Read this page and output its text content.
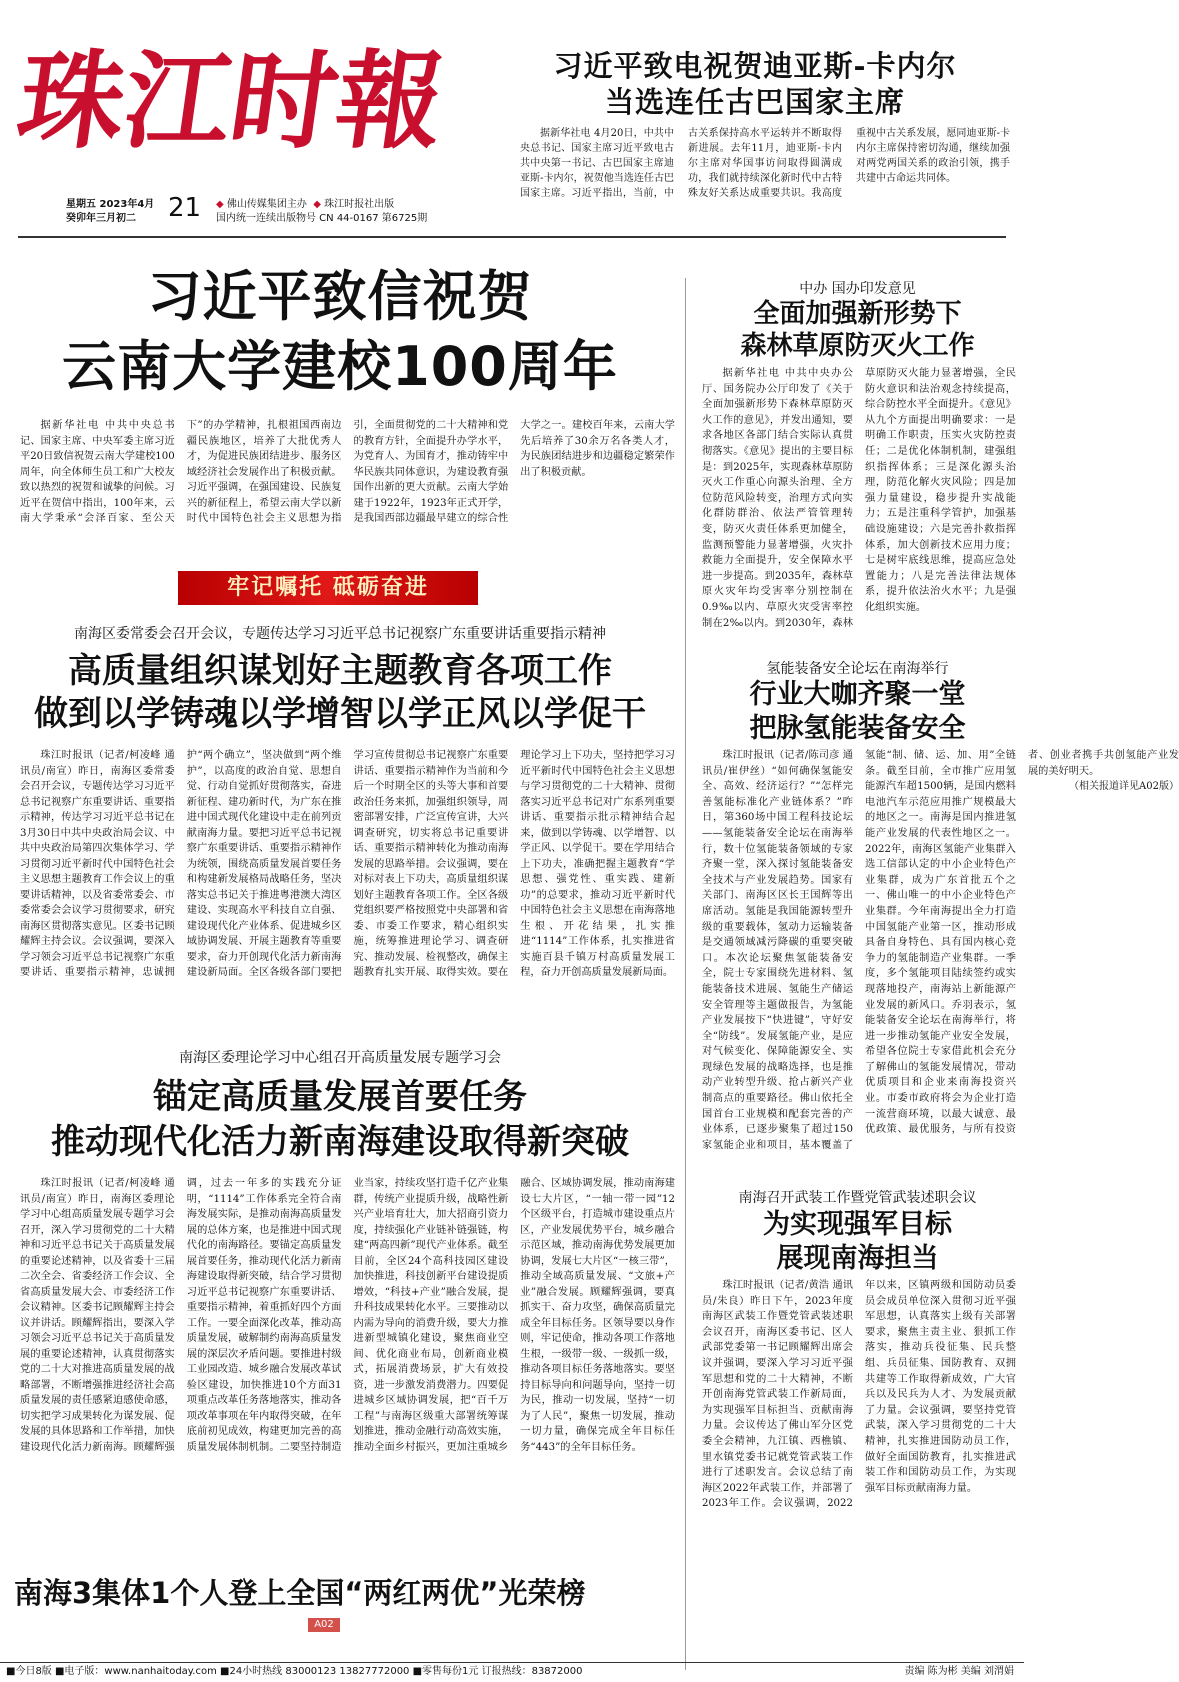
珠江时報	习近平致电祝贺迪亚斯-卡内尔
当选连任古巴国家主席

据新华社电 4月20日，中共中央总书记、国家主席习近平致电古共中央第一书记、古巴国家主席迪亚斯-卡内尔，祝贺他当选连任古巴国家主席。习近平指出，当前，中古关系保持高水平运转并不断取得新进展。去年11月，迪亚斯-卡内尔主席对华国事访问取得圆满成功，我们就持续深化新时代中古特殊友好关系达成重要共识。我高度重视中古关系发展，愿同迪亚斯-卡内尔主席保持密切沟通，继续加强对两党两国关系的政治引领，携手共建中古命运共同体。

星期五 2023年4月
癸卯年三月初二	21 ◆ 佛山传媒集团主办 ◆ 珠江时报社出版
国内统一连续出版物号 CN 44-0167 第6725期
习近平致信祝贺
云南大学建校100周年

据新华社电 中共中央总书记、国家主席、中央军委主席习近平20日致信祝贺云南大学建校100周年，向全体师生员工和广大校友致以热烈的祝贺和诚挚的问候。习近平在贺信中指出，100年来，云南大学秉承“会泽百家、至公天下”的办学精神，扎根祖国西南边疆民族地区，培养了大批优秀人才，为促进民族团结进步、服务区域经济社会发展作出了积极贡献。习近平强调，在强国建设、民族复兴的新征程上，希望云南大学以新时代中国特色社会主义思想为指引，全面贯彻党的二十大精神和党的教育方针，全面提升办学水平，为党育人、为国育才，推动铸牢中华民族共同体意识，为建设教育强国作出新的更大贡献。云南大学始建于1922年，1923年正式开学，是我国西部边疆最早建立的综合性大学之一。建校百年来，云南大学先后培养了30余万名各类人才，为民族团结进步和边疆稳定繁荣作出了积极贡献。

牢记嘱托 砥砺奋进
南海区委常委会召开会议，专题传达学习习近平总书记视察广东重要讲话重要指示精神
高质量组织谋划好主题教育各项工作
做到以学铸魂以学增智以学正风以学促干

珠江时报讯（记者/柯凌峰 通讯员/南宣）昨日，南海区委常委会召开会议，专题传达学习习近平总书记视察广东重要讲话、重要指示精神，传达学习习近平总书记在3月30日中共中央政治局会议、中共中央政治局第四次集体学习、学习贯彻习近平新时代中国特色社会主义思想主题教育工作会议上的重要讲话精神，以及省委常委会、市委常委会会议学习贯彻要求，研究南海区贯彻落实意见。区委书记顾耀辉主持会议。会议强调，要深入学习领会习近平总书记视察广东重要讲话、重要指示精神，忠诚拥护“两个确立”，坚决做到“两个维护”，以高度的政治自觉、思想自觉、行动自觉抓好贯彻落实，奋进新征程、建功新时代，为广东在推进中国式现代化建设中走在前列贡献南海力量。要把习近平总书记视察广东重要讲话、重要指示精神作为统领，围绕高质量发展首要任务和构建新发展格局战略任务，坚决落实总书记关于推进粤港澳大湾区建设、实现高水平科技自立自强、建设现代化产业体系、促进城乡区域协调发展、开展主题教育等重要要求，奋力开创现代化活力新南海建设新局面。全区各级各部门要把学习宣传贯彻总书记视察广东重要讲话、重要指示精神作为当前和今后一个时期全区的头等大事和首要政治任务来抓，加强组织领导，周密部署安排，广泛宣传宣讲，大兴调查研究，切实将总书记重要讲话、重要指示精神转化为推动南海发展的思路举措。会议强调，要在对标对表上下功夫，高质量组织谋划好主题教育各项工作。全区各级党组织要严格按照党中央部署和省委、市委工作要求，精心组织实施，统筹推进理论学习、调查研究、推动发展、检视整改，确保主题教育扎实开展、取得实效。要在理论学习上下功夫，坚持把学习习近平新时代中国特色社会主义思想与学习贯彻党的二十大精神、贯彻落实习近平总书记对广东系列重要讲话、重要指示批示精神结合起来，做到以学铸魂、以学增智、以学正风、以学促干。要在学用结合上下功夫，准确把握主题教育“学思想、强党性、重实践、建新功”的总要求，推动习近平新时代中国特色社会主义思想在南海落地生根、开花结果，扎实推进“1114”工作体系，扎实推进省实施百县千镇万村高质量发展工程，奋力开创高质量发展新局面。

南海区委理论学习中心组召开高质量发展专题学习会
锚定高质量发展首要任务
推动现代化活力新南海建设取得新突破

珠江时报讯（记者/柯凌峰 通讯员/南宣）昨日，南海区委理论学习中心组高质量发展专题学习会召开，深入学习贯彻党的二十大精神和习近平总书记关于高质量发展的重要论述精神，以及省委十三届二次全会、省委经济工作会议、全省高质量发展大会、市委经济工作会议精神。区委书记顾耀辉主持会议并讲话。顾耀辉指出，要深入学习领会习近平总书记关于高质量发展的重要论述精神，认真贯彻落实党的二十大对推进高质量发展的战略部署，不断增强推进经济社会高质量发展的责任感紧迫感使命感，切实把学习成果转化为谋发展、促发展的具体思路和工作举措，加快建设现代化活力新南海。顾耀辉强调，过去一年多的实践充分证明，“1114”工作体系完全符合南海发展实际，是推动南海高质量发展的总体方案，也是推进中国式现代化的南海路径。要锚定高质量发展首要任务，推动现代化活力新南海建设取得新突破，结合学习贯彻习近平总书记视察广东重要讲话、重要指示精神，着重抓好四个方面工作。一要全面深化改革，推动高质量发展，破解制约南海高质量发展的深层次矛盾问题。要推进村级工业园改造、城乡融合发展改革试验区建设，加快推进10个方面31项重点改革任务落地落实，推动各项改革事项在年内取得突破，在年底前初见成效，构建更加完善的高质量发展体制机制。二要坚持制造业当家，持续攻坚打造千亿产业集群，传统产业提质升级，战略性新兴产业培育壮大，加大招商引资力度，持续强化产业链补链强链，构建“两高四新”现代产业体系。截至目前，全区24个高科技园区建设加快推进，科技创新平台建设提质增效，“科技+产业”融合发展，提升科技成果转化水平。三要推动以内需为导向的消费升级，要大力推进新型城镇化建设，聚焦商业空间、优化商业布局，创新商业模式，拓展消费场景，扩大有效投资，进一步激发消费潜力。四要促进城乡区域协调发展，把“百千万工程”与南海区级重大部署统筹谋划推进，推动金融行动高效实施，推动全面乡村振兴，更加注重城乡融合、区域协调发展，推动南海建设七大片区，“一轴一带一园”12个区级平台，打造城市建设重点片区，产业发展优势平台，城乡融合示范区域，推动南海优势发展更加协调，发展七大片区“一核三带”，推动全域高质量发展、“文旅+产业”融合发展。顾耀辉强调，要真抓实干、奋力攻坚，确保高质量完成全年目标任务。区领导要以身作则，牢记使命，推动各项工作落地生根，一级带一级、一级抓一级，推动各项目标任务落地落实。要坚持目标导向和问题导向，坚持一切为民，推动一切发展，坚持“一切为了人民”，聚焦一切发展，推动一切力量，确保完成全年目标任务“443”的全年目标任务。

南海3集体1个人登上全国“两红两优”光荣榜
A02
中办 国办印发意见
全面加强新形势下
森林草原防灭火工作

据新华社电 中共中央办公厅、国务院办公厅印发了《关于全面加强新形势下森林草原防灭火工作的意见》，并发出通知，要求各地区各部门结合实际认真贯彻落实。《意见》提出的主要目标是：到2025年，实现森林草原防灭火工作重心向源头治理、全方位防范风险转变，治理方式向实化群防群治、依法严管管理转变，防灭火责任体系更加健全，监测预警能力显著增强，火灾扑救能力全面提升，安全保障水平进一步提高。到2035年，森林草原火灾年均受害率分别控制在0.9‰以内、草原火灾受害率控制在2‰以内。到2030年，森林草原防灭火能力显著增强，全民防火意识和法治观念持续提高，综合防控水平全面提升。《意见》从九个方面提出明确要求：一是明确工作职责，压实火灾防控责任；二是优化体制机制，建强组织指挥体系；三是深化源头治理，防范化解火灾风险；四是加强力量建设，稳步提升实战能力；五是注重科学管护，加强基础设施建设；六是完善扑救指挥体系，加大创新技术应用力度；七是树牢底线思维，提高应急处置能力；八是完善法律法规体系，提升依法治火水平；九是强化组织实施。

氢能装备安全论坛在南海举行
行业大咖齐聚一堂
把脉氢能装备安全

珠江时报讯（记者/陈司彦 通讯员/崔伊丝）“如何确保氢能安全、高效、经济运行？”“怎样完善氢能标准化产业链体系？”昨日，第360场中国工程科技论坛——氢能装备安全论坛在南海举行，数十位氢能装备领域的专家齐聚一堂，深入探讨氢能装备安全技术与产业发展趋势。国家有关部门、南海区区长王国辉等出席活动。氢能是我国能源转型升级的重要载体，氢动力运输装备是交通领域减污降碳的重要突破口。本次论坛聚焦氢能装备安全，院士专家围绕先进材料、氢能装备技术进展、氢能生产储运安全管理等主题做报告，为氢能产业发展按下“快进键”，守好安全“防线”。发展氢能产业，是应对气候变化、保障能源安全、实现绿色发展的战略选择，也是推动产业转型升级、抢占新兴产业制高点的重要路径。佛山依托全国首台工业规模和配套完善的产业体系，已逐步聚集了超过150家氢能企业和项目，基本覆盖了氢能“制、储、运、加、用”全链条。截至目前，全市推广应用氢能源汽车超1500辆，是国内燃料电池汽车示范应用推广规模最大的地区之一。南海是国内推进氢能产业发展的代表性地区之一。2022年，南海区氢能产业集群入选工信部认定的中小企业特色产业集群，成为广东首批五个之一、佛山唯一的中小企业特色产业集群。今年南海提出全力打造中国氢能产业第一区，推动形成具备自身特色、具有国内核心竞争力的氢能制造产业集群。一季度，多个氢能项目陆续签约或实现落地投产，南海站上新能源产业发展的新风口。乔羽表示，氢能装备安全论坛在南海举行，将进一步推动氢能产业安全发展，希望各位院士专家借此机会充分了解佛山的氢能发展情况，带动优质项目和企业来南海投资兴业。市委市政府将会为企业打造一流营商环境，以最大诚意、最优政策、最优服务，与所有投资者、创业者携手共创氢能产业发展的美好明天。

（相关报道详见A02版）
南海召开武装工作暨党管武装述职会议
为实现强军目标
展现南海担当

珠江时报讯（记者/黄浩 通讯员/朱良）昨日下午，2023年度南海区武装工作暨党管武装述职会议召开，南海区委书记、区人武部党委第一书记顾耀辉出席会议并强调，要深入学习习近平强军思想和党的二十大精神，不断开创南海党管武装工作新局面，为实现强军目标担当、贡献南海力量。会议传达了佛山军分区党委全会精神，九江镇、西樵镇、里水镇党委书记就党管武装工作进行了述职发言。会议总结了南海区2022年武装工作，并部署了2023年工作。会议强调，2022年以来，区镇两级和国防动员委员会成员单位深入贯彻习近平强军思想，认真落实上级有关部署要求，聚焦主责主业、狠抓工作落实，推动兵役征集、民兵整组、兵员征集、国防教育、双拥共建等工作取得新成效，广大官兵以及民兵为人才、为发展贡献了力量。会议强调，要坚持党管武装，深入学习贯彻党的二十大精神，扎实推进国防动员工作，做好全面国防教育，扎实推进武装工作和国防动员工作，为实现强军目标贡献南海力量。

■今日8版 ■电子版：www.nanhaitoday.com ■24小时热线 83000123 13827772000 ■零售每份1元 订报热线：83872000	责编 陈为彬 美编 刘渭娟
